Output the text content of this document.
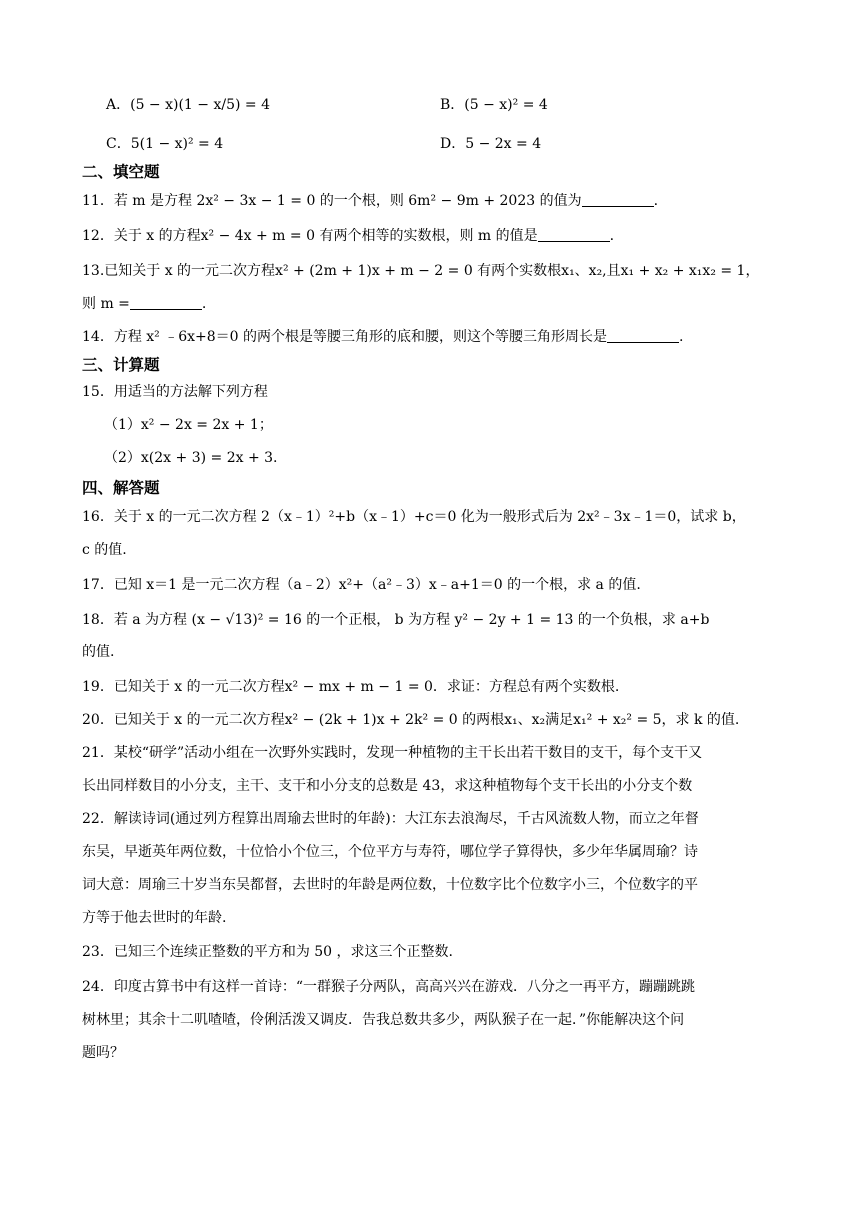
A．(5 − x)(1 − x/5) = 4	B．(5 − x)² = 4
C．5(1 − x)² = 4	D．5 − 2x = 4
二、填空题
11．若 m 是方程 2x² − 3x − 1 = 0 的一个根，则 6m² − 9m + 2023 的值为	.
12．关于 x 的方程x² − 4x + m = 0 有两个相等的实数根，则 m 的值是	.
13.已知关于 x 的一元二次方程x² + (2m + 1)x + m − 2 = 0 有两个实数根x₁、x₂,且x₁ + x₂ + x₁x₂ = 1，
则 m =	.
14．方程 x² ﹣6x+8＝0 的两个根是等腰三角形的底和腰，则这个等腰三角形周长是	.
三、计算题
15．用适当的方法解下列方程
（1）x² − 2x = 2x + 1；
（2）x(2x + 3) = 2x + 3.
四、解答题
16．关于 x 的一元二次方程 2（x﹣1）²+b（x﹣1）+c＝0 化为一般形式后为 2x²﹣3x﹣1＝0，试求 b，
c 的值.
17．已知 x＝1 是一元二次方程（a﹣2）x²+（a²﹣3）x﹣a+1＝0 的一个根，求 a 的值.
18．若 a 为方程 (x − √13)² = 16 的一个正根， b 为方程 y² − 2y + 1 = 13 的一个负根，求 a+b
的值.
19．已知关于 x 的一元二次方程x² − mx + m − 1 = 0．求证：方程总有两个实数根.
20．已知关于 x 的一元二次方程x² − (2k + 1)x + 2k² = 0 的两根x₁、x₂满足x₁² + x₂² = 5，求 k 的值.
21．某校“研学”活动小组在一次野外实践时，发现一种植物的主干长出若干数目的支干，每个支干又
长出同样数目的小分支，主干、支干和小分支的总数是 43，求这种植物每个支干长出的小分支个数
22．解读诗词(通过列方程算出周瑜去世时的年龄)：大江东去浪淘尽，千古风流数人物，而立之年督
东吴，早逝英年两位数，十位恰小个位三，个位平方与寿符，哪位学子算得快，多少年华属周瑜？诗
词大意：周瑜三十岁当东吴都督，去世时的年龄是两位数，十位数字比个位数字小三，个位数字的平
方等于他去世时的年龄.
23．已知三个连续正整数的平方和为 50 ，求这三个正整数.
24．印度古算书中有这样一首诗：“一群猴子分两队，高高兴兴在游戏．八分之一再平方，蹦蹦跳跳
树林里；其余十二叽喳喳，伶俐活泼又调皮．告我总数共多少，两队猴子在一起．”你能解决这个问
题吗？
